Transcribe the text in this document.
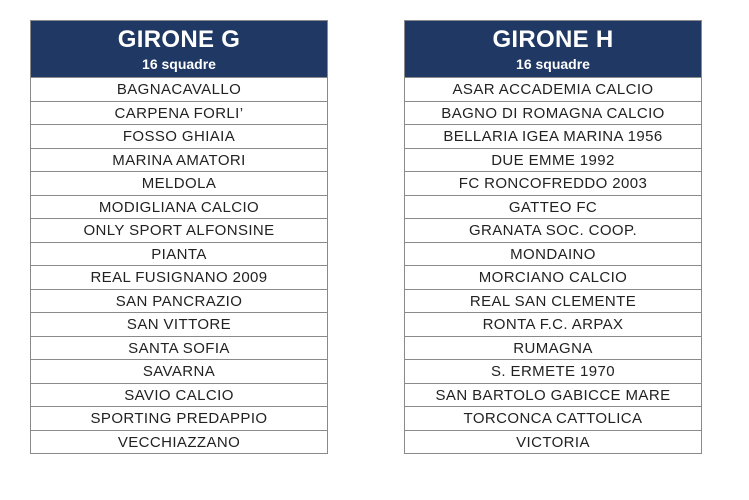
GIRONE G
16 squadre
BAGNACAVALLO
CARPENA FORLI’
FOSSO GHIAIA
MARINA AMATORI
MELDOLA
MODIGLIANA CALCIO
ONLY SPORT ALFONSINE
PIANTA
REAL FUSIGNANO 2009
SAN PANCRAZIO
SAN VITTORE
SANTA SOFIA
SAVARNA
SAVIO CALCIO
SPORTING PREDAPPIO
VECCHIAZZANO
GIRONE H
16 squadre
ASAR ACCADEMIA CALCIO
BAGNO DI ROMAGNA CALCIO
BELLARIA IGEA MARINA 1956
DUE EMME 1992
FC RONCOFREDDO 2003
GATTEO FC
GRANATA SOC. COOP.
MONDAINO
MORCIANO CALCIO
REAL SAN CLEMENTE
RONTA F.C. ARPAX
RUMAGNA
S. ERMETE 1970
SAN BARTOLO GABICCE MARE
TORCONCA CATTOLICA
VICTORIA
